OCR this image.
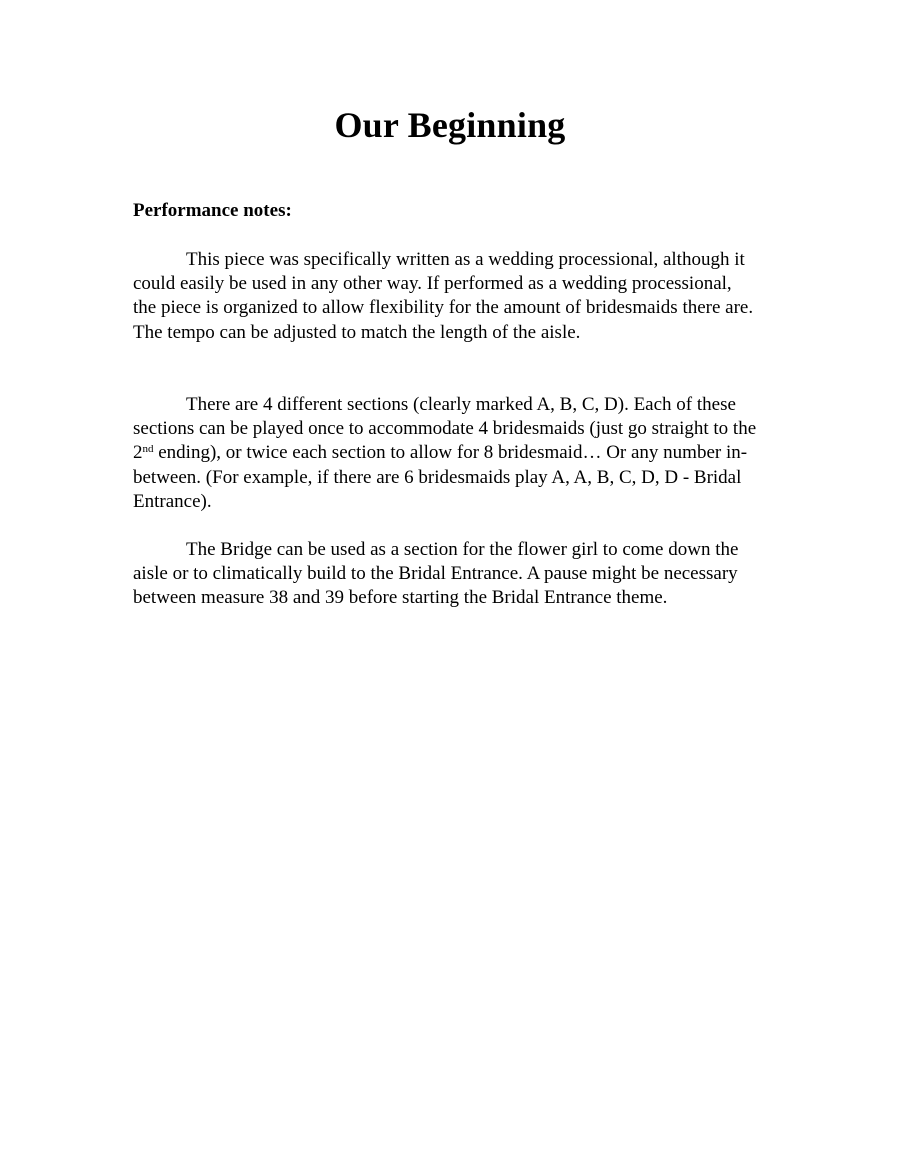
Our Beginning
Performance notes:

This piece was specifically written as a wedding processional, although it could easily be used in any other way. If performed as a wedding processional, the piece is organized to allow flexibility for the amount of bridesmaids there are. The tempo can be adjusted to match the length of the aisle.

There are 4 different sections (clearly marked A, B, C, D). Each of these sections can be played once to accommodate 4 bridesmaids (just go straight to the 2nd ending), or twice each section to allow for 8 bridesmaid… Or any number in-between. (For example, if there are 6 bridesmaids play A, A, B, C, D, D - Bridal Entrance).

The Bridge can be used as a section for the flower girl to come down the aisle or to climatically build to the Bridal Entrance. A pause might be necessary between measure 38 and 39 before starting the Bridal Entrance theme.
